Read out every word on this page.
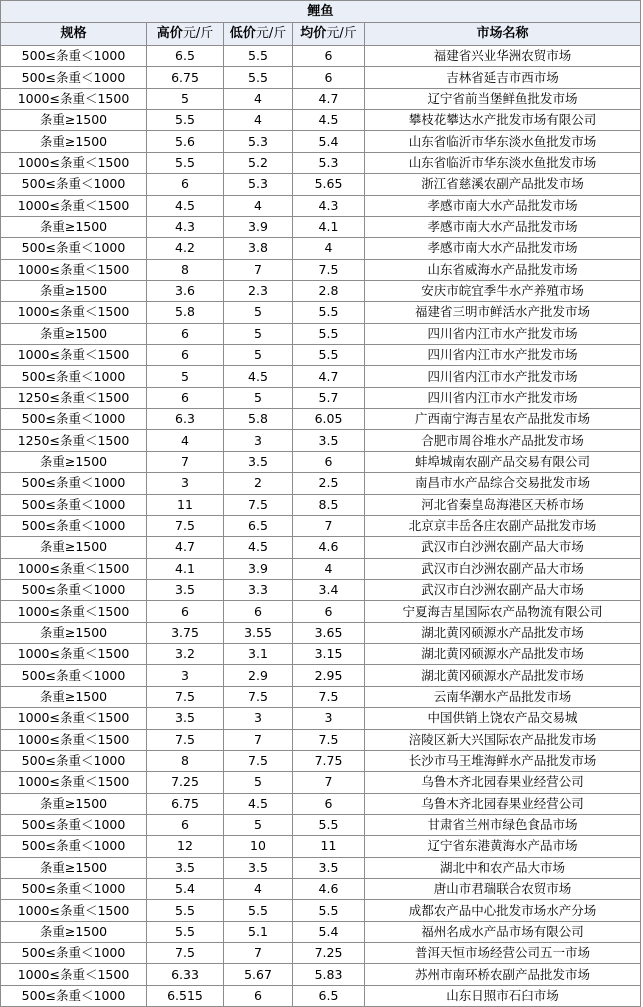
鲤鱼				
规格	高价元/斤	低价元/斤	均价元/斤	市场名称
500≤条重＜1000	6.5	5.5	6	福建省兴业华洲农贸市场
500≤条重＜1000	6.75	5.5	6	吉林省延吉市西市场
1000≤条重＜1500	5	4	4.7	辽宁省前当堡鲜鱼批发市场
条重≥1500	5.5	4	4.5	攀枝花攀达水产批发市场有限公司
条重≥1500	5.6	5.3	5.4	山东省临沂市华东淡水鱼批发市场
1000≤条重＜1500	5.5	5.2	5.3	山东省临沂市华东淡水鱼批发市场
500≤条重＜1000	6	5.3	5.65	浙江省慈溪农副产品批发市场
1000≤条重＜1500	4.5	4	4.3	孝感市南大水产品批发市场
条重≥1500	4.3	3.9	4.1	孝感市南大水产品批发市场
500≤条重＜1000	4.2	3.8	4	孝感市南大水产品批发市场
1000≤条重＜1500	8	7	7.5	山东省威海水产品批发市场
条重≥1500	3.6	2.3	2.8	安庆市皖宜季牛水产养殖市场
1000≤条重＜1500	5.8	5	5.5	福建省三明市鲜活水产批发市场
条重≥1500	6	5	5.5	四川省内江市水产批发市场
1000≤条重＜1500	6	5	5.5	四川省内江市水产批发市场
500≤条重＜1000	5	4.5	4.7	四川省内江市水产批发市场
1250≤条重＜1500	6	5	5.7	四川省内江市水产批发市场
500≤条重＜1000	6.3	5.8	6.05	广西南宁海吉星农产品批发市场
1250≤条重＜1500	4	3	3.5	合肥市周谷堆水产品批发市场
条重≥1500	7	3.5	6	蚌埠城南农副产品交易有限公司
500≤条重＜1000	3	2	2.5	南昌市水产品综合交易批发市场
500≤条重＜1000	11	7.5	8.5	河北省秦皇岛海港区天桥市场
500≤条重＜1000	7.5	6.5	7	北京京丰岳各庄农副产品批发市场
条重≥1500	4.7	4.5	4.6	武汉市白沙洲农副产品大市场
1000≤条重＜1500	4.1	3.9	4	武汉市白沙洲农副产品大市场
500≤条重＜1000	3.5	3.3	3.4	武汉市白沙洲农副产品大市场
1000≤条重＜1500	6	6	6	宁夏海吉星国际农产品物流有限公司
条重≥1500	3.75	3.55	3.65	湖北黄冈硕源水产品批发市场
1000≤条重＜1500	3.2	3.1	3.15	湖北黄冈硕源水产品批发市场
500≤条重＜1000	3	2.9	2.95	湖北黄冈硕源水产品批发市场
条重≥1500	7.5	7.5	7.5	云南华潮水产品批发市场
1000≤条重＜1500	3.5	3	3	中国供销上饶农产品交易城
1000≤条重＜1500	7.5	7	7.5	涪陵区新大兴国际农产品批发市场
500≤条重＜1000	8	7.5	7.75	长沙市马王堆海鲜水产品批发市场
1000≤条重＜1500	7.25	5	7	乌鲁木齐北园春果业经营公司
条重≥1500	6.75	4.5	6	乌鲁木齐北园春果业经营公司
500≤条重＜1000	6	5	5.5	甘肃省兰州市绿色食品市场
500≤条重＜1000	12	10	11	辽宁省东港黄海水产品市场
条重≥1500	3.5	3.5	3.5	湖北中和农产品大市场
500≤条重＜1000	5.4	4	4.6	唐山市君瑞联合农贸市场
1000≤条重＜1500	5.5	5.5	5.5	成都农产品中心批发市场水产分场
条重≥1500	5.5	5.1	5.4	福州名成水产品市场有限公司
500≤条重＜1000	7.5	7	7.25	普洱天恒市场经营公司五一市场
1000≤条重＜1500	6.33	5.67	5.83	苏州市南环桥农副产品批发市场
500≤条重＜1000	6.515	6	6.5	山东日照市石臼市场
